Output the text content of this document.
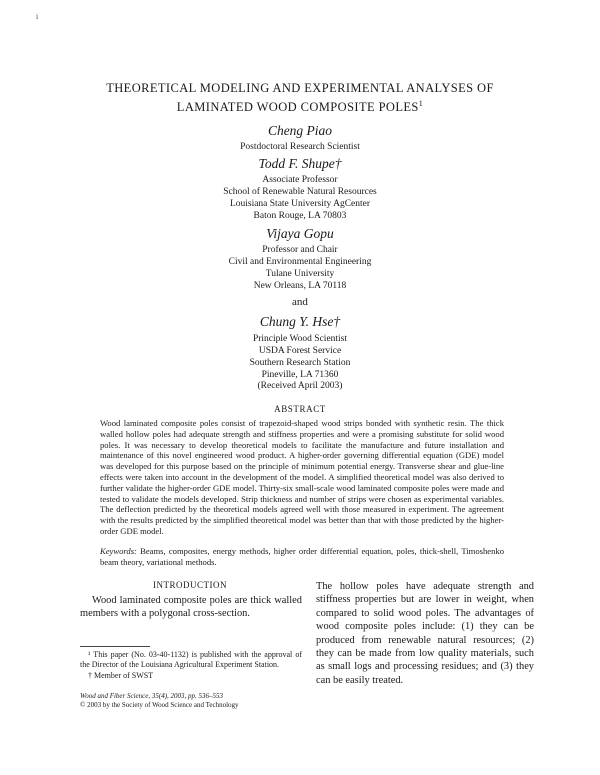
i
THEORETICAL MODELING AND EXPERIMENTAL ANALYSES OF
LAMINATED WOOD COMPOSITE POLES$^1$
Cheng Piao
Postdoctoral Research Scientist
Todd F. Shupe†
Associate Professor
School of Renewable Natural Resources
Louisiana State University AgCenter
Baton Rouge, LA 70803
Vijaya Gopu
Professor and Chair
Civil and Environmental Engineering
Tulane University
New Orleans, LA 70118
and
Chung Y. Hse†
Principle Wood Scientist
USDA Forest Service
Southern Research Station
Pineville, LA 71360
(Received April 2003)
ABSTRACT
Wood laminated composite poles consist of trapezoid-shaped wood strips bonded with synthetic resin. The thick walled hollow poles had adequate strength and stiffness properties and were a promising substitute for solid wood poles. It was necessary to develop theoretical models to facilitate the manufacture and future installation and maintenance of this novel engineered wood product. A higher-order governing differential equation (GDE) model was developed for this purpose based on the principle of minimum potential energy. Transverse shear and glue-line effects were taken into account in the development of the model. A simplified theoretical model was also derived to further validate the higher-order GDE model. Thirty-six small-scale wood laminated composite poles were made and tested to validate the models developed. Strip thickness and number of strips were chosen as experimental variables. The deflection predicted by the theoretical models agreed well with those measured in experiment. The agreement with the results predicted by the simplified theoretical model was better than that with those predicted by the higher-order GDE model.
Keywords: Beams, composites, energy methods, higher order differential equation, poles, thick-shell, Timoshenko beam theory, variational methods.
INTRODUCTION

Wood laminated composite poles are thick walled members with a polygonal cross-section.

The hollow poles have adequate strength and stiffness properties but are lower in weight, when compared to solid wood poles. The advantages of wood composite poles include: (1) they can be produced from renewable natural resources; (2) they can be made from low quality materials, such as small logs and processing residues; and (3) they can be easily treated.

¹ This paper (No. 03-40-1132) is published with the approval of the Director of the Louisiana Agricultural Experiment Station.

† Member of SWST

Wood and Fiber Science, 35(4), 2003, pp. 536–553
© 2003 by the Society of Wood Science and Technology
